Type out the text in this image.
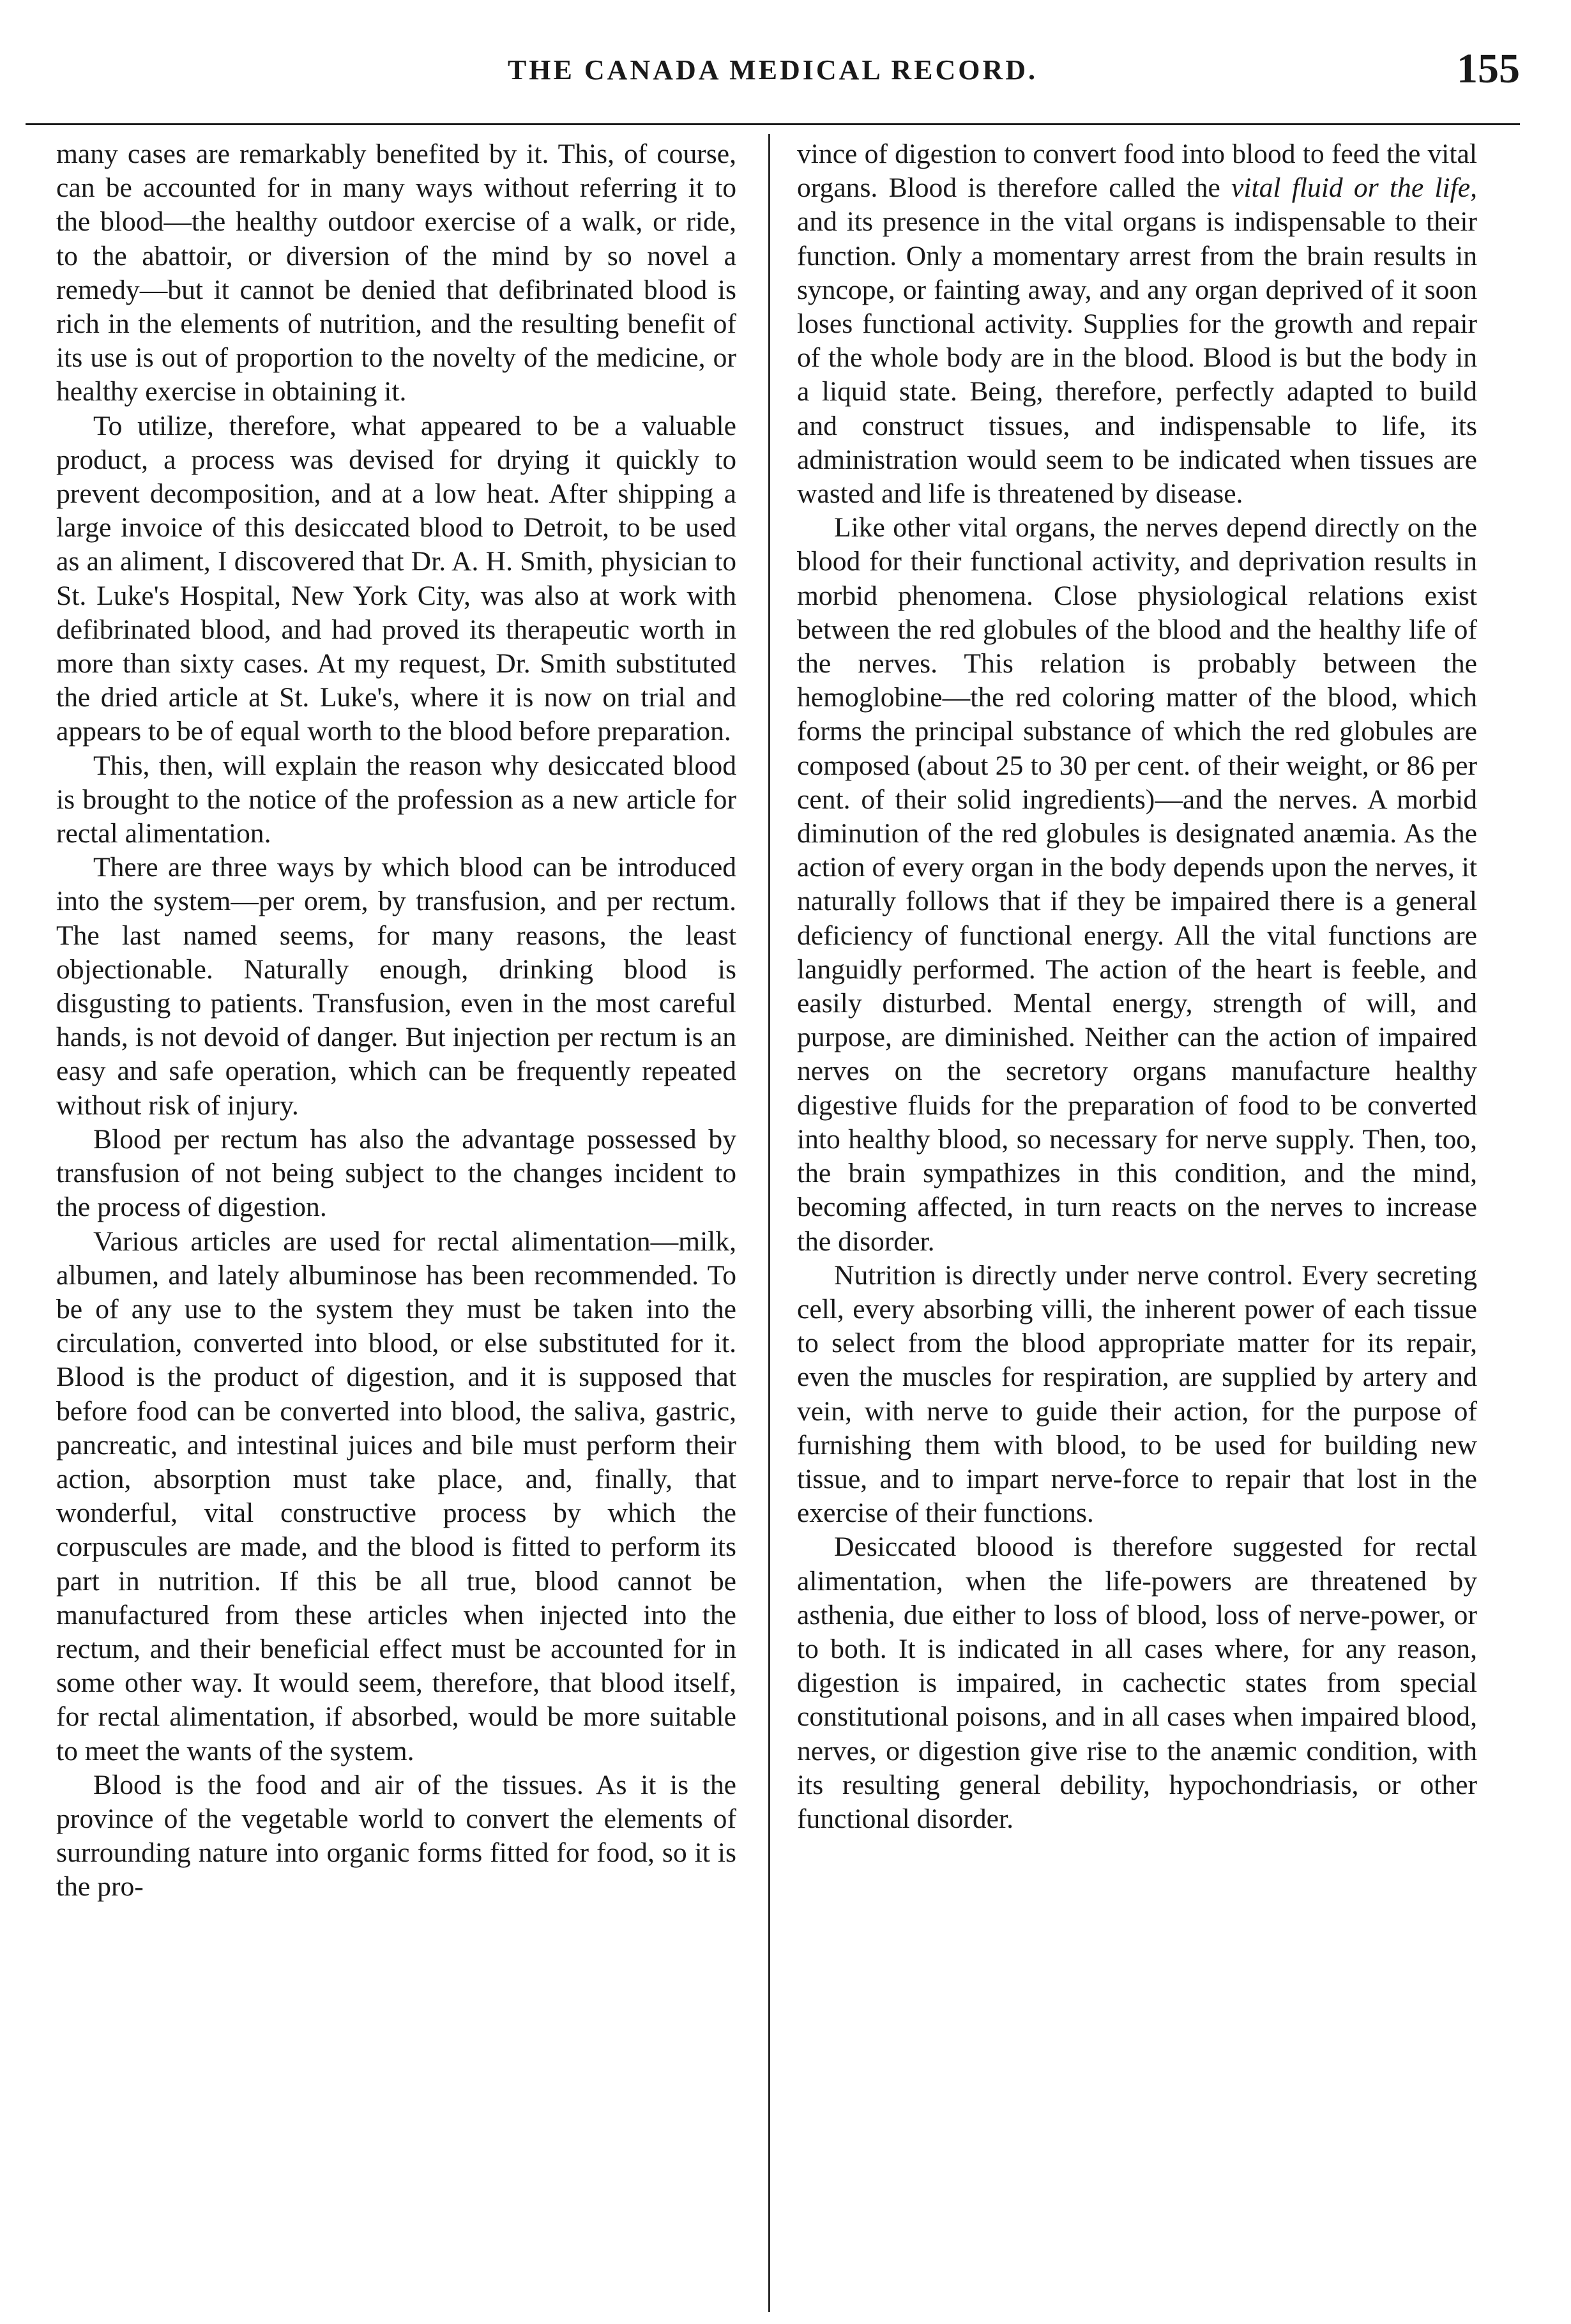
THE CANADA MEDICAL RECORD.	155

many cases are remarkably benefited by it. This, of course, can be accounted for in many ways without referring it to the blood—the healthy outdoor exercise of a walk, or ride, to the abattoir, or diversion of the mind by so novel a remedy—but it cannot be denied that defibrinated blood is rich in the elements of nutrition, and the resulting benefit of its use is out of proportion to the novelty of the medicine, or healthy exercise in obtaining it.

To utilize, therefore, what appeared to be a valuable product, a process was devised for drying it quickly to prevent decomposition, and at a low heat. After shipping a large invoice of this desiccated blood to Detroit, to be used as an aliment, I discovered that Dr. A. H. Smith, physician to St. Luke's Hospital, New York City, was also at work with defibrinated blood, and had proved its therapeutic worth in more than sixty cases. At my request, Dr. Smith substituted the dried article at St. Luke's, where it is now on trial and appears to be of equal worth to the blood before preparation.

This, then, will explain the reason why desiccated blood is brought to the notice of the profession as a new article for rectal alimentation.

There are three ways by which blood can be introduced into the system—per orem, by transfusion, and per rectum. The last named seems, for many reasons, the least objectionable. Naturally enough, drinking blood is disgusting to patients. Transfusion, even in the most careful hands, is not devoid of danger. But injection per rectum is an easy and safe operation, which can be frequently repeated without risk of injury.

Blood per rectum has also the advantage possessed by transfusion of not being subject to the changes incident to the process of digestion.

Various articles are used for rectal alimentation—milk, albumen, and lately albuminose has been recommended. To be of any use to the system they must be taken into the circulation, converted into blood, or else substituted for it. Blood is the product of digestion, and it is supposed that before food can be converted into blood, the saliva, gastric, pancreatic, and intestinal juices and bile must perform their action, absorption must take place, and, finally, that wonderful, vital constructive process by which the corpuscules are made, and the blood is fitted to perform its part in nutrition. If this be all true, blood cannot be manufactured from these articles when injected into the rectum, and their beneficial effect must be accounted for in some other way. It would seem, therefore, that blood itself, for rectal alimentation, if absorbed, would be more suitable to meet the wants of the system.

Blood is the food and air of the tissues. As it is the province of the vegetable world to convert the elements of surrounding nature into organic forms fitted for food, so it is the pro-

vince of digestion to convert food into blood to feed the vital organs. Blood is therefore called the vital fluid or the life, and its presence in the vital organs is indispensable to their function. Only a momentary arrest from the brain results in syncope, or fainting away, and any organ deprived of it soon loses functional activity. Supplies for the growth and repair of the whole body are in the blood. Blood is but the body in a liquid state. Being, therefore, perfectly adapted to build and construct tissues, and indispensable to life, its administration would seem to be indicated when tissues are wasted and life is threatened by disease.

Like other vital organs, the nerves depend directly on the blood for their functional activity, and deprivation results in morbid phenomena. Close physiological relations exist between the red globules of the blood and the healthy life of the nerves. This relation is probably between the hemoglobine—the red coloring matter of the blood, which forms the principal substance of which the red globules are composed (about 25 to 30 per cent. of their weight, or 86 per cent. of their solid ingredients)—and the nerves. A morbid diminution of the red globules is designated anæmia. As the action of every organ in the body depends upon the nerves, it naturally follows that if they be impaired there is a general deficiency of functional energy. All the vital functions are languidly performed. The action of the heart is feeble, and easily disturbed. Mental energy, strength of will, and purpose, are diminished. Neither can the action of impaired nerves on the secretory organs manufacture healthy digestive fluids for the preparation of food to be converted into healthy blood, so necessary for nerve supply. Then, too, the brain sympathizes in this condition, and the mind, becoming affected, in turn reacts on the nerves to increase the disorder.

Nutrition is directly under nerve control. Every secreting cell, every absorbing villi, the inherent power of each tissue to select from the blood appropriate matter for its repair, even the muscles for respiration, are supplied by artery and vein, with nerve to guide their action, for the purpose of furnishing them with blood, to be used for building new tissue, and to impart nerve-force to repair that lost in the exercise of their functions.

Desiccated bloood is therefore suggested for rectal alimentation, when the life-powers are threatened by asthenia, due either to loss of blood, loss of nerve-power, or to both. It is indicated in all cases where, for any reason, digestion is impaired, in cachectic states from special constitutional poisons, and in all cases when impaired blood, nerves, or digestion give rise to the anæmic condition, with its resulting general debility, hypochondriasis, or other functional disorder.
